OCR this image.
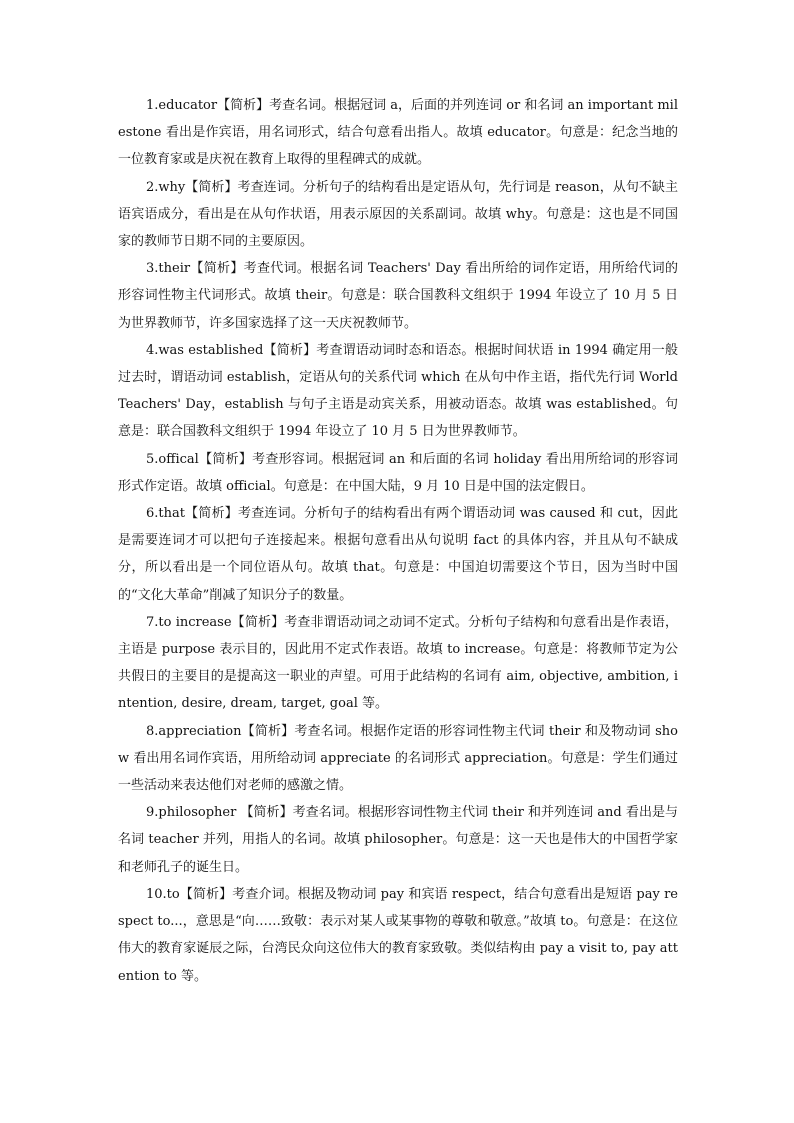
1.educator【简析】考查名词。根据冠词 a，后面的并列连词 or 和名词 an important milestone 看出是作宾语，用名词形式，结合句意看出指人。故填 educator。句意是：纪念当地的一位教育家或是庆祝在教育上取得的里程碑式的成就。

2.why【简析】考查连词。分析句子的结构看出是定语从句，先行词是 reason，从句不缺主语宾语成分，看出是在从句作状语，用表示原因的关系副词。故填 why。句意是：这也是不同国家的教师节日期不同的主要原因。

3.their【简析】考查代词。根据名词 Teachers' Day 看出所给的词作定语，用所给代词的形容词性物主代词形式。故填 their。句意是：联合国教科文组织于 1994 年设立了 10 月 5 日为世界教师节，许多国家选择了这一天庆祝教师节。

4.was established【简析】考查谓语动词时态和语态。根据时间状语 in 1994 确定用一般过去时，谓语动词 establish，定语从句的关系代词 which 在从句中作主语，指代先行词 World Teachers' Day，establish 与句子主语是动宾关系，用被动语态。故填 was established。句意是：联合国教科文组织于 1994 年设立了 10 月 5 日为世界教师节。

5.offical【简析】考查形容词。根据冠词 an 和后面的名词 holiday 看出用所给词的形容词形式作定语。故填 official。句意是：在中国大陆，9 月 10 日是中国的法定假日。

6.that【简析】考查连词。分析句子的结构看出有两个谓语动词 was caused 和 cut，因此是需要连词才可以把句子连接起来。根据句意看出从句说明 fact 的具体内容，并且从句不缺成分，所以看出是一个同位语从句。故填 that。句意是：中国迫切需要这个节日，因为当时中国的“文化大革命”削减了知识分子的数量。

7.to increase【简析】考查非谓语动词之动词不定式。分析句子结构和句意看出是作表语，主语是 purpose 表示目的，因此用不定式作表语。故填 to increase。句意是：将教师节定为公共假日的主要目的是提高这一职业的声望。可用于此结构的名词有 aim, objective, ambition, intention, desire, dream, target, goal 等。

8.appreciation【简析】考查名词。根据作定语的形容词性物主代词 their 和及物动词 show 看出用名词作宾语，用所给动词 appreciate 的名词形式 appreciation。句意是：学生们通过一些活动来表达他们对老师的感激之情。

9.philosopher 【简析】考查名词。根据形容词性物主代词 their 和并列连词 and 看出是与名词 teacher 并列，用指人的名词。故填 philosopher。句意是：这一天也是伟大的中国哲学家和老师孔子的诞生日。

10.to【简析】考查介词。根据及物动词 pay 和宾语 respect，结合句意看出是短语 pay respect to...，意思是“向……致敬：表示对某人或某事物的尊敬和敬意。”故填 to。句意是：在这位伟大的教育家诞辰之际，台湾民众向这位伟大的教育家致敬。类似结构由 pay a visit to, pay attention to 等。
